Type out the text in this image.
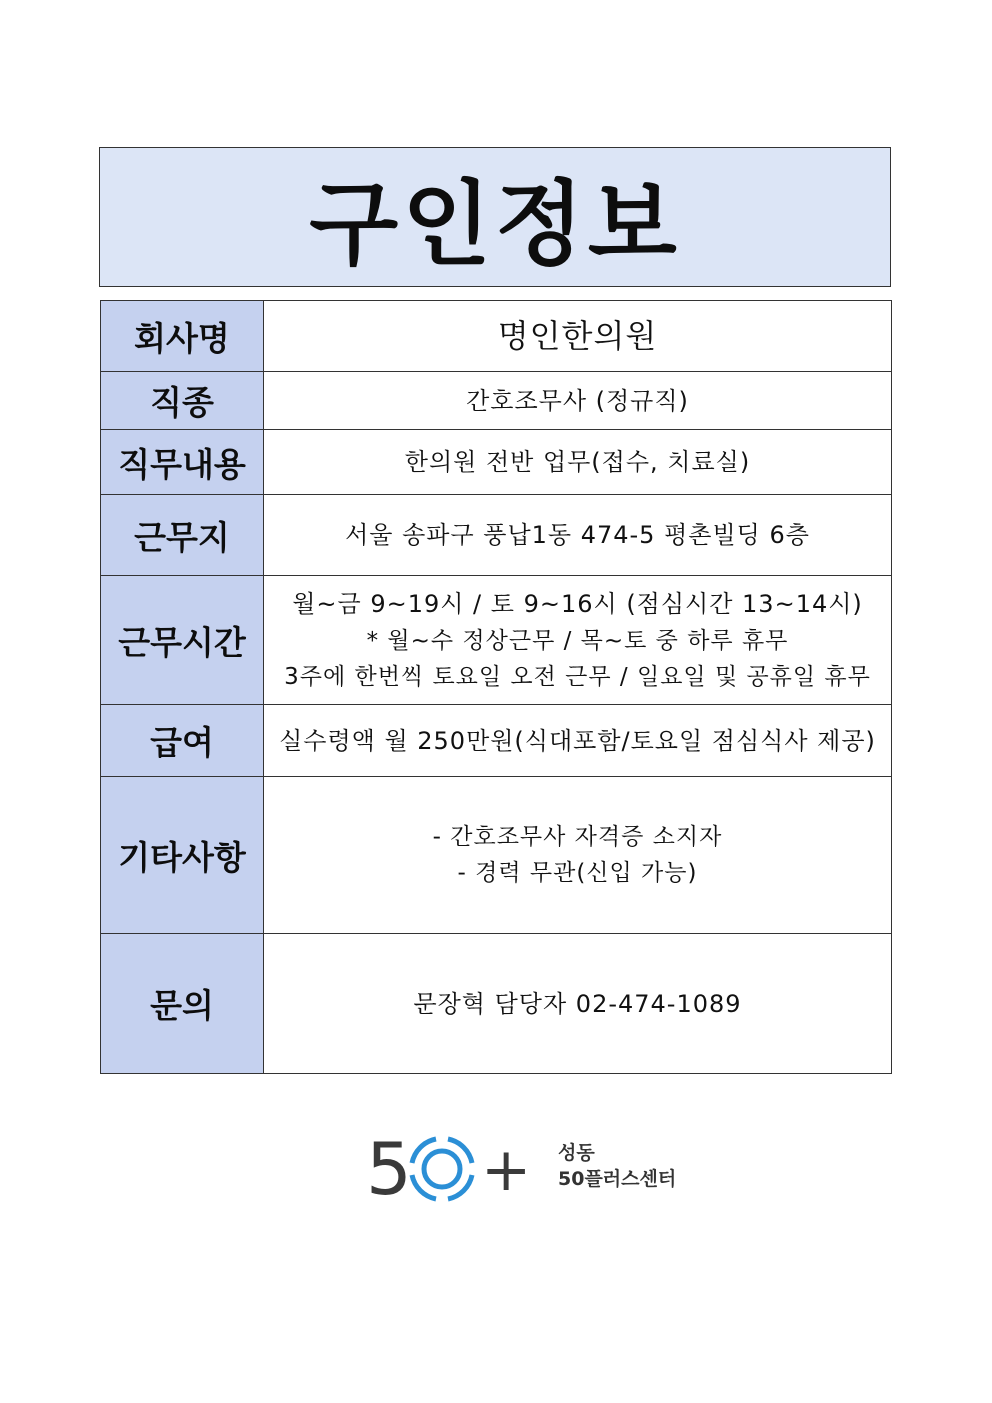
구인정보
회사명	명인한의원

직종	간호조무사 (정규직)

직무내용	한의원 전반 업무(접수, 치료실)

근무지	서울 송파구 풍납1동 474-5 평촌빌딩 6층

근무시간	월~금 9~19시 / 토 9~16시 (점심시간 13~14시)
* 월~수 정상근무 / 목~토 중 하루 휴무
3주에 한번씩 토요일 오전 근무 / 일요일 및 공휴일 휴무

급여	실수령액 월 250만원(식대포함/토요일 점심식사 제공)

기타사항	- 간호조무사 자격증 소지자
- 경력 무관(신입 가능)

문의	문장혁 담당자 02-474-1089
5 + 성동
50플러스센터
